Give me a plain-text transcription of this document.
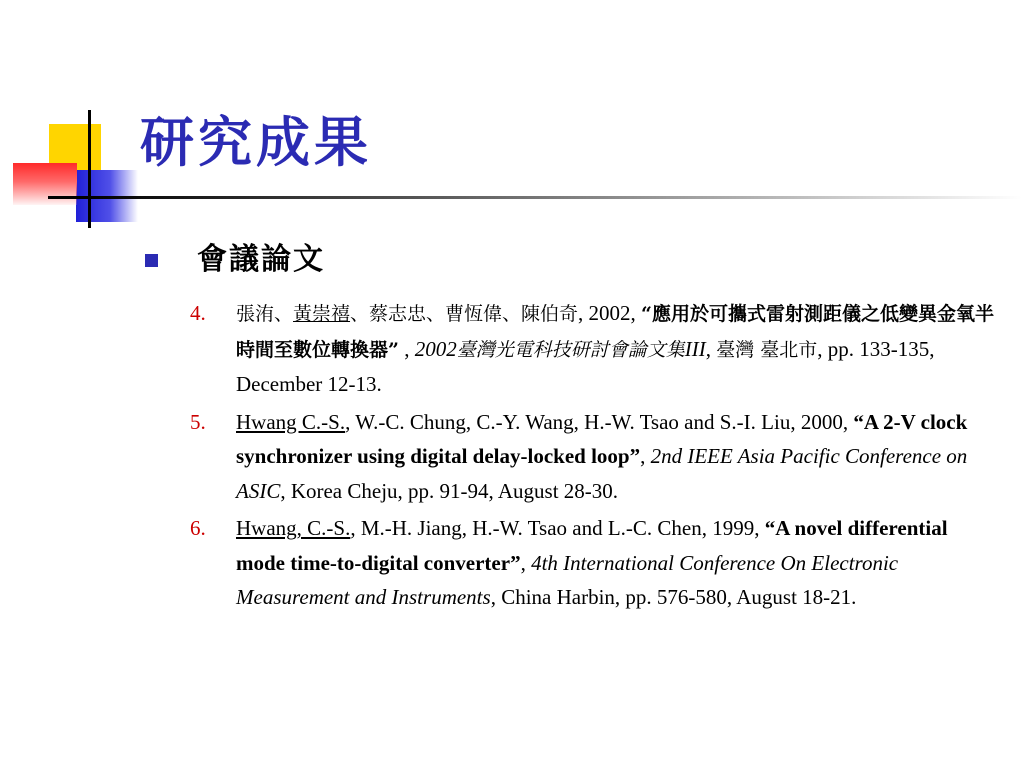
研究成果
會議論文
4. 張洧、黃崇禧、蔡志忠、曹恆偉、陳伯奇, 2002, “應用於可攜式雷射測距儀之低變異金氧半時間至數位轉換器” , 2002臺灣光電科技研討會論文集III, 臺灣 臺北市, pp. 133-135, December 12-13.
5. Hwang C.-S., W.-C. Chung, C.-Y. Wang, H.-W. Tsao and S.-I. Liu, 2000, “A 2-V clock synchronizer using digital delay-locked loop”, 2nd IEEE Asia Pacific Conference on ASIC, Korea Cheju, pp. 91-94, August 28-30.
6. Hwang, C.-S., M.-H. Jiang, H.-W. Tsao and L.-C. Chen, 1999, “A novel differential mode time-to-digital converter”, 4th International Conference On Electronic Measurement and Instruments, China Harbin, pp. 576-580, August 18-21.
